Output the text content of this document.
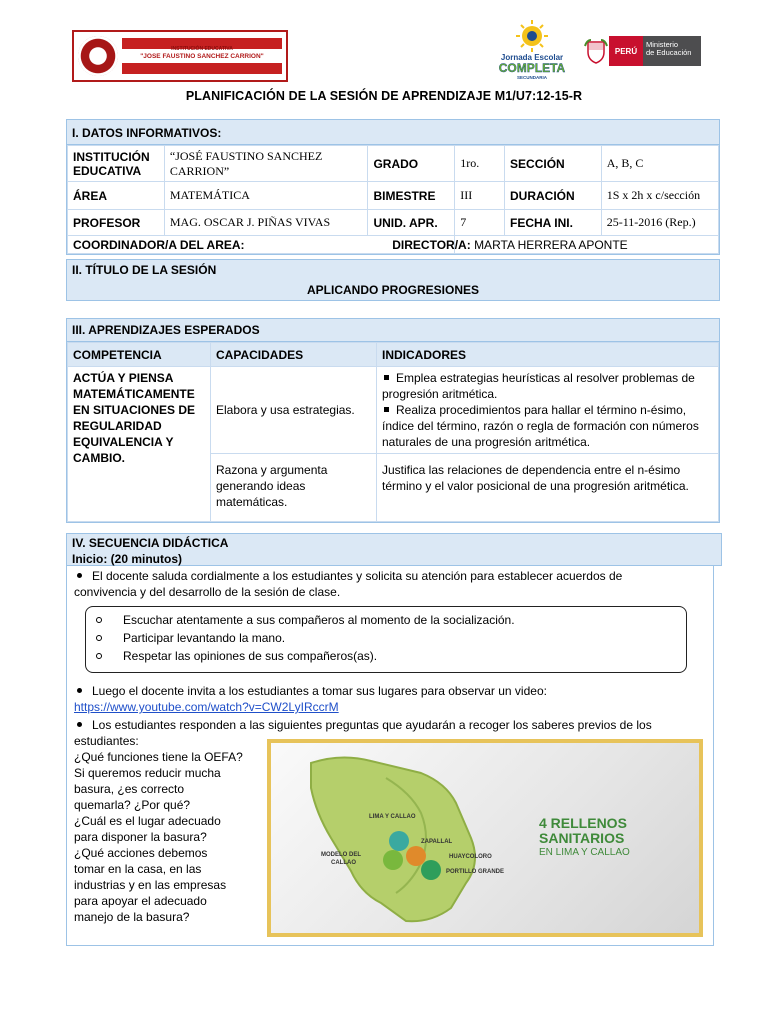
INSTITUCIÓN EDUCATIVA
"JOSE FAUSTINO SANCHEZ CARRION"
ALTO TRUJILLO - EL PORVENIR	Jornada Escolar
COMPLETA
SECUNDARIA
PERÚ
Ministerio
de Educación
PLANIFICACIÓN DE LA SESIÓN DE APRENDIZAJE M1/U7:12-15-R
I. DATOS INFORMATIVOS:
INSTITUCIÓN EDUCATIVA	“JOSÉ FAUSTINO SANCHEZ CARRION”	GRADO	1ro.	SECCIÓN	A, B, C
ÁREA	MATEMÁTICA	BIMESTRE	III	DURACIÓN	1S x 2h x c/sección
PROFESOR	MAG. OSCAR J. PIÑAS VIVAS	UNID. APR.	7	FECHA INI.	25-11-2016 (Rep.)
COORDINADOR/A DEL AREA:			DIRECTOR/A: MARTA HERRERA APONTE		
II. TÍTULO DE LA SESIÓN
APLICANDO PROGRESIONES
III. APRENDIZAJES ESPERADOS
COMPETENCIA	CAPACIDADES	INDICADORES
ACTÚA Y PIENSA MATEMÁTICAMENTE EN SITUACIONES DE REGULARIDAD EQUIVALENCIA Y CAMBIO.	Elabora y usa estrategias.	Emplea estrategias heurísticas al resolver problemas de progresión aritmética.
Realiza procedimientos para hallar el término n-ésimo, índice del término, razón o regla de formación con números naturales de una progresión aritmética.

	Razona y argumenta generando ideas matemáticas.	Justifica las relaciones de dependencia entre el n-ésimo término y el valor posicional de una progresión aritmética.
IV. SECUENCIA DIDÁCTICA
Inicio: (20 minutos)
El docente saluda cordialmente a los estudiantes y solicita su atención para establecer acuerdos de
convivencia y del desarrollo de la sesión de clase.
Escuchar atentamente a sus compañeros al momento de la socialización.
Participar levantando la mano.
Respetar las opiniones de sus compañeros(as).
Luego el docente invita a los estudiantes a tomar sus lugares para observar un video:
https://www.youtube.com/watch?v=CW2LyIRccrM
Los estudiantes responden a las siguientes preguntas que ayudarán a recoger los saberes previos de los
estudiantes:
¿Qué funciones tiene la OEFA?
Si queremos reducir mucha
basura, ¿es correcto
quemarla? ¿Por qué?
¿Cuál es el lugar adecuado
para disponer la basura?
¿Qué acciones debemos
tomar en la casa, en las
industrias y en las empresas
para apoyar el adecuado
manejo de la basura?
LIMA Y CALLAO
ZAPALLAL
MODELO DEL
CALLAO
HUAYCOLORO
PORTILLO GRANDE
4 RELLENOS
SANITARIOS
EN LIMA Y CALLAO
